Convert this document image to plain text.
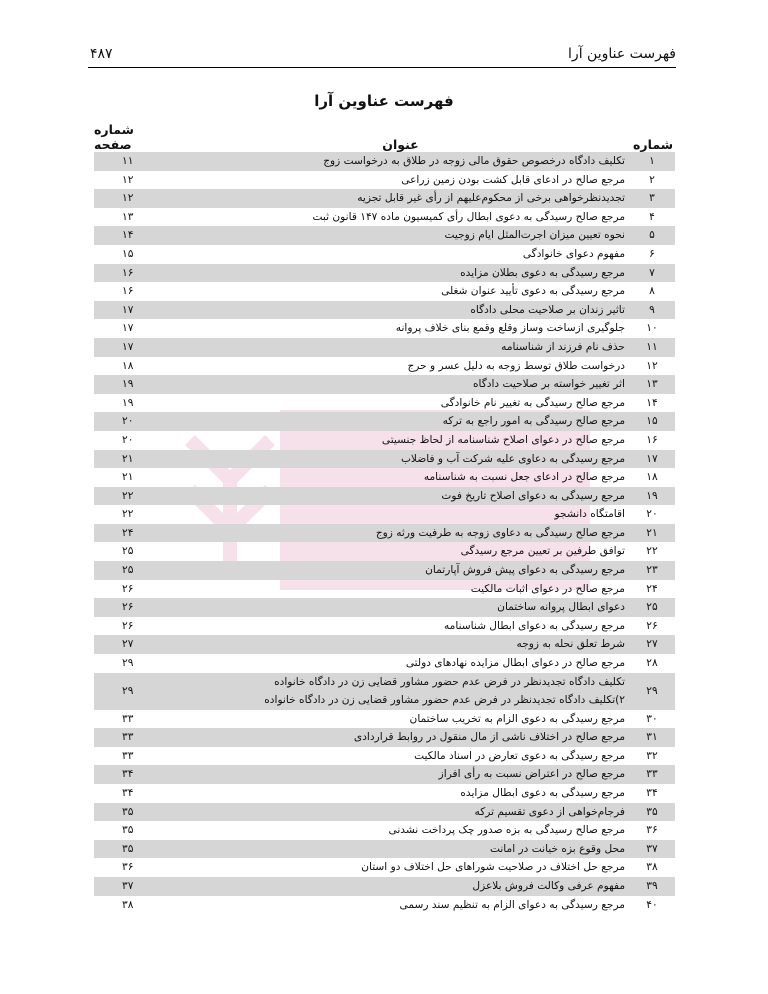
فهرست عناوین آرا
۴۸۷
فهرست عناوین آرا
شماره	عنوان	شماره صفحه
۱	تکلیف دادگاه درخصوص حقوق مالی زوجه در طلاق به درخواست زوج	۱۱
۲	مرجع صالح در ادعای قابل کشت بودن زمین زراعی	۱۲
۳	تجدیدنظرخواهی برخی از محکوم‌علیهم از رأی غیر قابل تجزیه	۱۲
۴	مرجع صالح رسیدگی به دعوی ابطال رأی کمیسیون ماده ۱۴۷ قانون ثبت	۱۳
۵	نحوه تعیین میزان اجرت‌المثل ایام زوجیت	۱۴
۶	مفهوم دعوای خانوادگی	۱۵
۷	مرجع رسیدگی به دعوی بطلان مزایده	۱۶
۸	مرجع رسیدگی به دعوی تأیید عنوان شغلی	۱۶
۹	تاثیر زندان بر صلاحیت محلی دادگاه	۱۷
۱۰	جلوگیری ازساخت وساز وقلع وقمع بنای خلاف پروانه	۱۷
۱۱	حذف نام فرزند از شناسنامه	۱۷
۱۲	درخواست طلاق توسط زوجه به دلیل عسر و حرج	۱۸
۱۳	اثر تغییر خواسته بر صلاحیت دادگاه	۱۹
۱۴	مرجع صالح رسیدگی به تغییر نام خانوادگی	۱۹
۱۵	مرجع صالح رسیدگی به امور راجع به ترکه	۲۰
۱۶	مرجع صالح در دعوای اصلاح شناسنامه از لحاظ جنسیتی	۲۰
۱۷	مرجع رسیدگی به دعاوی علیه شرکت آب و فاضلاب	۲۱
۱۸	مرجع صالح در ادعای جعل نسبت به شناسنامه	۲۱
۱۹	مرجع رسیدگی به دعوای اصلاح تاریخ فوت	۲۲
۲۰	اقامتگاه دانشجو	۲۲
۲۱	مرجع صالح رسیدگی به دعاوی زوجه به طرفیت ورثه زوج	۲۴
۲۲	توافق طرفین بر تعیین مرجع رسیدگی	۲۵
۲۳	مرجع رسیدگی به دعوای پیش فروش آپارتمان	۲۵
۲۴	مرجع صالح در دعوای اثبات مالکیت	۲۶
۲۵	دعوای ابطال پروانه ساختمان	۲۶
۲۶	مرجع رسیدگی به دعوای ابطال شناسنامه	۲۶
۲۷	شرط تعلق نحله به زوجه	۲۷
۲۸	مرجع صالح در دعوای ابطال مزایده نهادهای دولتی	۲۹
۲۹	تکلیف دادگاه تجدیدنظر در فرض عدم حضور مشاور قضایی زن در دادگاه خانواده
۲)تکلیف دادگاه تجدیدنظر در فرض عدم حضور مشاور قضایی زن در دادگاه خانواده	۲۹
۳۰	مرجع رسیدگی به دعوی الزام به تخریب ساختمان	۳۳
۳۱	مرجع صالح در اختلاف ناشی از مال منقول در روابط قراردادی	۳۳
۳۲	مرجع رسیدگی به دعوی تعارض در اسناد مالکیت	۳۳
۳۳	مرجع صالح در اعتراض نسبت به رأی افراز	۳۴
۳۴	مرجع رسیدگی به دعوی ابطال مزایده	۳۴
۳۵	فرجام‌خواهی از دعوی تقسیم ترکه	۳۵
۳۶	مرجع صالح رسیدگی به بزه صدور چک پرداخت نشدنی	۳۵
۳۷	محل وقوع بزه خیانت در امانت	۳۵
۳۸	مرجع حل اختلاف در صلاحیت شوراهای حل اختلاف دو استان	۳۶
۳۹	مفهوم عرفی وکالت فروش بلاعزل	۳۷
۴۰	مرجع رسیدگی به دعوای الزام به تنظیم سند رسمی	۳۸
